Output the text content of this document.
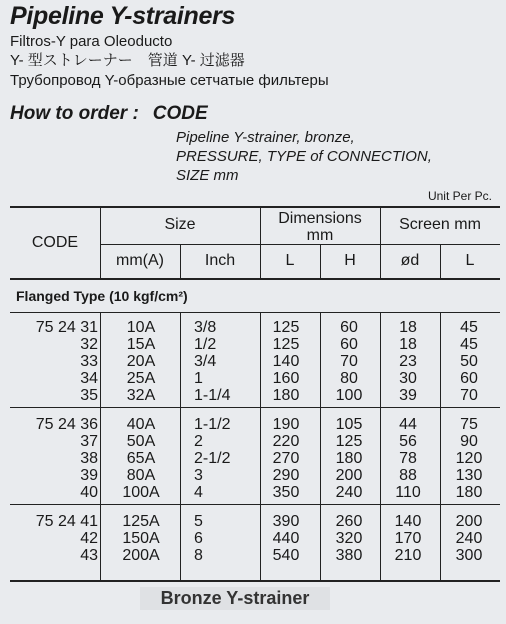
Pipeline Y-strainers
Filtros-Y para Oleoducto
Y- 型ストレーナー　管道 Y- 过滤器
Трубопровод Y-образные сетчатые фильтеры
How to order : CODE
Pipeline Y-strainer, bronze,
PRESSURE, TYPE of CONNECTION,
SIZE mm
Unit Per Pc.
CODE
Size	Dimensions
mm
Screen mm
mm(A)	Inch	L	H	ød	L
Flanged Type (10 kgf/cm²)
75 24 31	10A	3/8	125	60	18	45
32	15A	1/2	125	60	18	45
33	20A	3/4	140	70	23	50
34	25A	1	160	80	30	60
35	32A	1-1/4	180	100	39	70
75 24 36	40A	1-1/2	190	105	44	75
37	50A	2	220	125	56	90
38	65A	2-1/2	270	180	78	120
39	80A	3	290	200	88	130
40	100A	4	350	240	110	180
75 24 41	125A	5	390	260	140	200
42	150A	6	440	320	170	240
43	200A	8	540	380	210	300
Bronze Y-strainer
